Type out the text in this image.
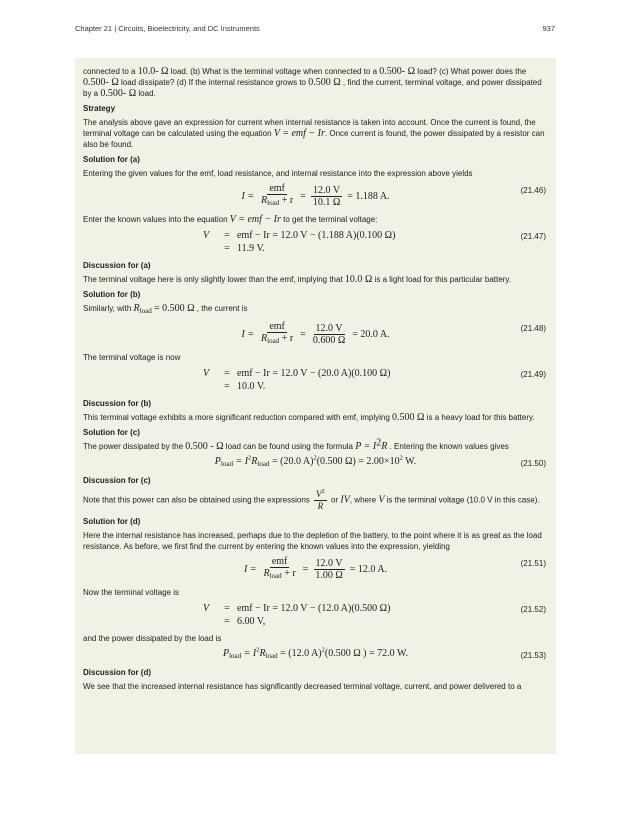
Chapter 21 | Circuits, Bioelectricity, and DC Instruments	937

connected to a 10.0- Ω load. (b) What is the terminal voltage when connected to a 0.500- Ω load? (c) What power does the 0.500- Ω load dissipate? (d) If the internal resistance grows to 0.500 Ω , find the current, terminal voltage, and power dissipated by a 0.500- Ω load.

Strategy

The analysis above gave an expression for current when internal resistance is taken into account. Once the current is found, the terminal voltage can be calculated using the equation V = emf − Ir. Once current is found, the power dissipated by a resistor can also be found.

Solution for (a)

Entering the given values for the emf, load resistance, and internal resistance into the expression above yields

$I = \frac{\text{emf}}{R_{load} + r} = \frac{12.0 V}{10.1 \Omega} = 1.188$ A.	(21.46)

Enter the known values into the equation V = emf − Ir to get the terminal voltage:

V	= emf − Ir = 12.0 V − (1.188 A)(0.100 Ω)
= 11.9 V.
(21.47)
Discussion for (a)

The terminal voltage here is only slightly lower than the emf, implying that 10.0 Ω is a light load for this particular battery.

Solution for (b)

Similarly, with Rload = 0.500 Ω , the current is

$I = \frac{\text{emf}}{R_{load} + r} = \frac{12.0 V}{0.600 \Omega} = 20.0$ A.	(21.48)

The terminal voltage is now

V	= emf − Ir = 12.0 V − (20.0 A)(0.100 Ω)
= 10.0 V.
(21.49)
Discussion for (b)

This terminal voltage exhibits a more significant reduction compared with emf, implying 0.500 Ω is a heavy load for this battery.

Solution for (c)

The power dissipated by the 0.500 - Ω load can be found using the formula $P = I^2R$ . Entering the known values gives

$P_{load} = I^2R_{load} = (20.0$ A)$^2$(0.500 $\Omega) = 2.00\times 10^2$ W.	(21.50)
Discussion for (c)

Note that this power can also be obtained using the expressions $\frac{V^2}{R}$ or IV, where V is the terminal voltage (10.0 V in this case).

Solution for (d)

Here the internal resistance has increased, perhaps due to the depletion of the battery, to the point where it is as great as the load resistance. As before, we first find the current by entering the known values into the expression, yielding

$I = \frac{\text{emf}}{R_{load} + r} = \frac{12.0 V}{1.00 \Omega} = 12.0$ A.	(21.51)

Now the terminal voltage is

V	= emf − Ir = 12.0 V − (12.0 A)(0.500 Ω)
= 6.00 V,
(21.52)

and the power dissipated by the load is

$P_{load} = I^2R_{load} = (12.0$ A)$^2$(0.500 Ω ) = 72.0 W.	(21.53)
Discussion for (d)

We see that the increased internal resistance has significantly decreased terminal voltage, current, and power delivered to a
